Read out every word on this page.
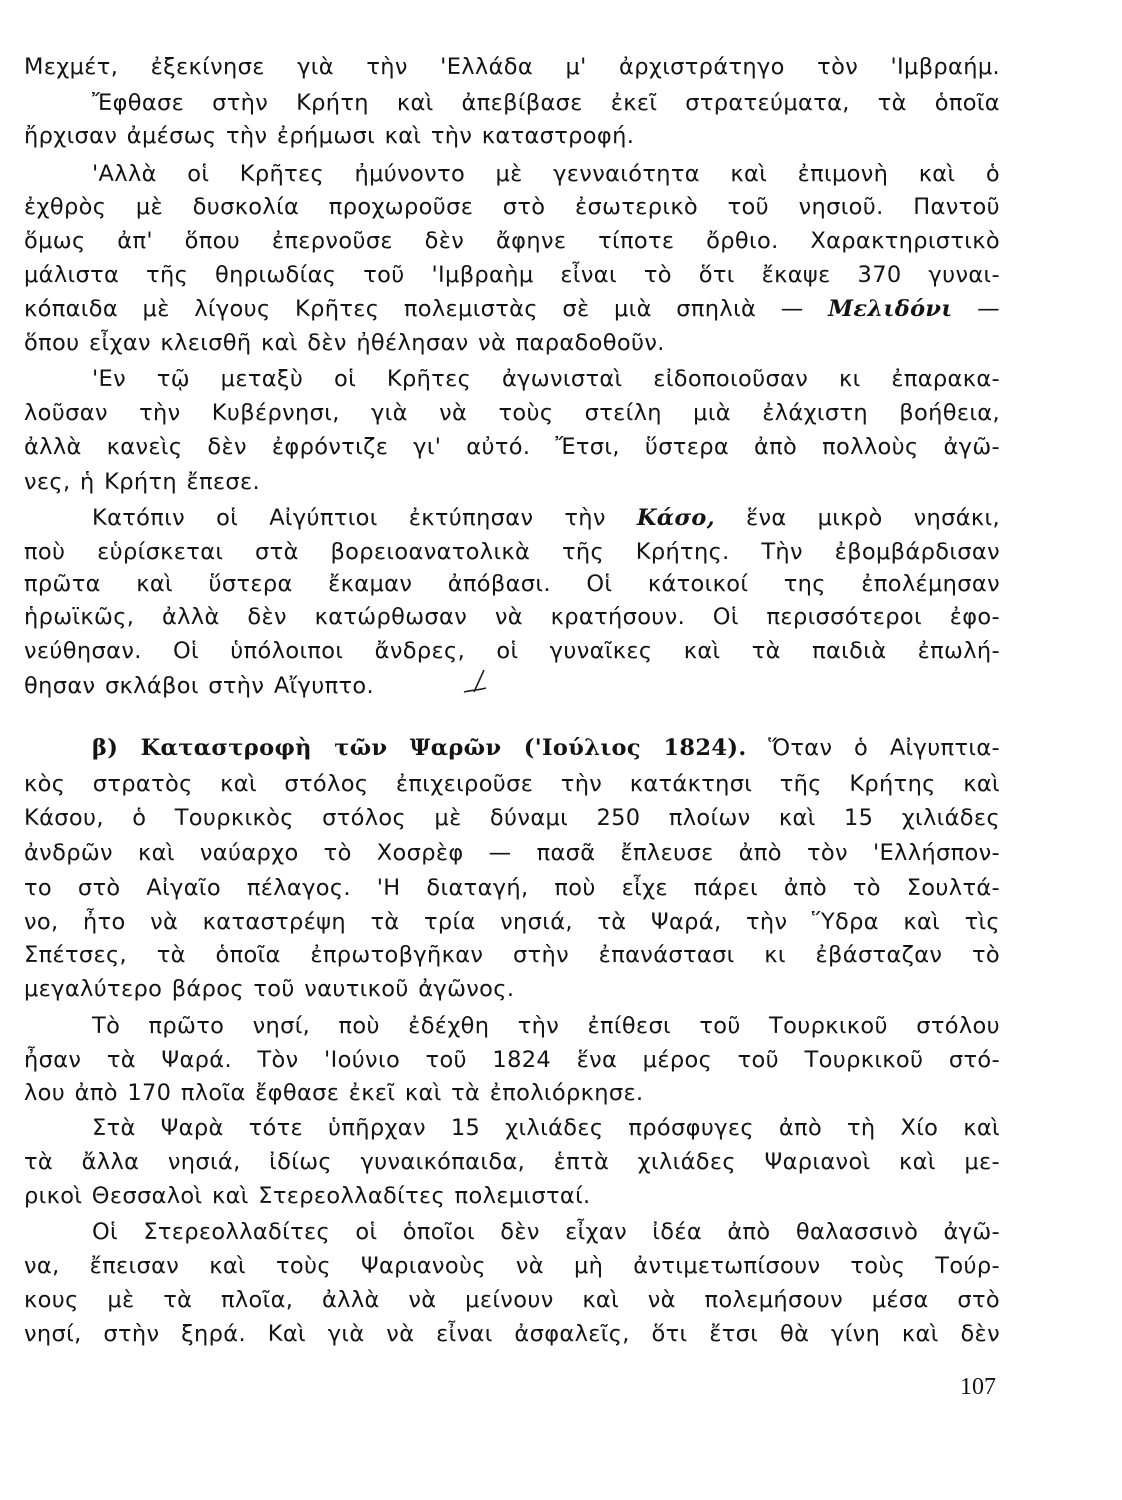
Μεχμέτ, ἐξεκίνησε γιὰ τὴν 'Ελλάδα μ' ἀρχιστράτηγο τὸν 'Ιμβραήμ.
Ἔφθασε στὴν Κρήτη καὶ ἀπεβίβασε ἐκεῖ στρατεύματα, τὰ ὁποῖα
ἤρχισαν ἀμέσως τὴν ἐρήμωσι καὶ τὴν καταστροφή.
'Αλλὰ οἱ Κρῆτες ἠμύνοντο μὲ γενναιότητα καὶ ἐπιμονὴ καὶ ὁ
ἐχθρὸς μὲ δυσκολία προχωροῦσε στὸ ἐσωτερικὸ τοῦ νησιοῦ. Παντοῦ
ὅμως ἀπ' ὅπου ἐπερνοῦσε δὲν ἄφηνε τίποτε ὄρθιο. Χαρακτηριστικὸ
μάλιστα τῆς θηριωδίας τοῦ 'Ιμβραὴμ εἶναι τὸ ὅτι ἔκαψε 370 γυναι-
κόπαιδα μὲ λίγους Κρῆτες πολεμιστὰς σὲ μιὰ σπηλιὰ — Μελιδόνι —
ὅπου εἶχαν κλεισθῆ καὶ δὲν ἠθέλησαν νὰ παραδοθοῦν.
'Εν τῷ μεταξὺ οἱ Κρῆτες ἀγωνισταὶ εἰδοποιοῦσαν κι ἐπαρακα-
λοῦσαν τὴν Κυβέρνησι, γιὰ νὰ τοὺς στείλη μιὰ ἐλάχιστη βοήθεια,
ἀλλὰ κανεὶς δὲν ἐφρόντιζε γι' αὐτό. Ἔτσι, ὕστερα ἀπὸ πολλοὺς ἀγῶ-
νες, ἡ Κρήτη ἔπεσε.
Κατόπιν οἱ Αἰγύπτιοι ἐκτύπησαν τὴν Κάσο, ἕνα μικρὸ νησάκι,
ποὺ εὑρίσκεται στὰ βορειοανατολικὰ τῆς Κρήτης. Τὴν ἐβομβάρδισαν
πρῶτα καὶ ὕστερα ἔκαμαν ἀπόβασι. Οἱ κάτοικοί της ἐπολέμησαν
ἡρωϊκῶς, ἀλλὰ δὲν κατώρθωσαν νὰ κρατήσουν. Οἱ περισσότεροι ἐφο-
νεύθησαν. Οἱ ὑπόλοιποι ἄνδρες, οἱ γυναῖκες καὶ τὰ παιδιὰ ἐπωλή-
θησαν σκλάβοι στὴν Αἴγυπτο.
β) Καταστροφὴ τῶν Ψαρῶν ('Ιούλιος 1824). Ὅταν ὁ Αἰγυπτια-
κὸς στρατὸς καὶ στόλος ἐπιχειροῦσε τὴν κατάκτησι τῆς Κρήτης καὶ
Κάσου, ὁ Τουρκικὸς στόλος μὲ δύναμι 250 πλοίων καὶ 15 χιλιάδες
ἀνδρῶν καὶ ναύαρχο τὸ Χοσρὲφ — πασᾶ ἔπλευσε ἀπὸ τὸν 'Ελλήσπον-
το στὸ Αἰγαῖο πέλαγος. 'Η διαταγή, ποὺ εἶχε πάρει ἀπὸ τὸ Σουλτά-
νο, ἦτο νὰ καταστρέψη τὰ τρία νησιά, τὰ Ψαρά, τὴν Ὕδρα καὶ τὶς
Σπέτσες, τὰ ὁποῖα ἐπρωτοβγῆκαν στὴν ἐπανάστασι κι ἐβάσταζαν τὸ
μεγαλύτερο βάρος τοῦ ναυτικοῦ ἀγῶνος.
Τὸ πρῶτο νησί, ποὺ ἐδέχθη τὴν ἐπίθεσι τοῦ Τουρκικοῦ στόλου
ἦσαν τὰ Ψαρά. Τὸν 'Ιούνιο τοῦ 1824 ἕνα μέρος τοῦ Τουρκικοῦ στό-
λου ἀπὸ 170 πλοῖα ἔφθασε ἐκεῖ καὶ τὰ ἐπολιόρκησε.
Στὰ Ψαρὰ τότε ὑπῆρχαν 15 χιλιάδες πρόσφυγες ἀπὸ τὴ Χίο καὶ
τὰ ἄλλα νησιά, ἰδίως γυναικόπαιδα, ἑπτὰ χιλιάδες Ψαριανοὶ καὶ με-
ρικοὶ Θεσσαλοὶ καὶ Στερεολλαδίτες πολεμισταί.
Οἱ Στερεολλαδίτες οἱ ὁποῖοι δὲν εἶχαν ἰδέα ἀπὸ θαλασσινὸ ἀγῶ-
να, ἔπεισαν καὶ τοὺς Ψαριανοὺς νὰ μὴ ἀντιμετωπίσουν τοὺς Τούρ-
κους μὲ τὰ πλοῖα, ἀλλὰ νὰ μείνουν καὶ νὰ πολεμήσουν μέσα στὸ
νησί, στὴν ξηρά. Καὶ γιὰ νὰ εἶναι ἀσφαλεῖς, ὅτι ἔτσι θὰ γίνη καὶ δὲν
107
